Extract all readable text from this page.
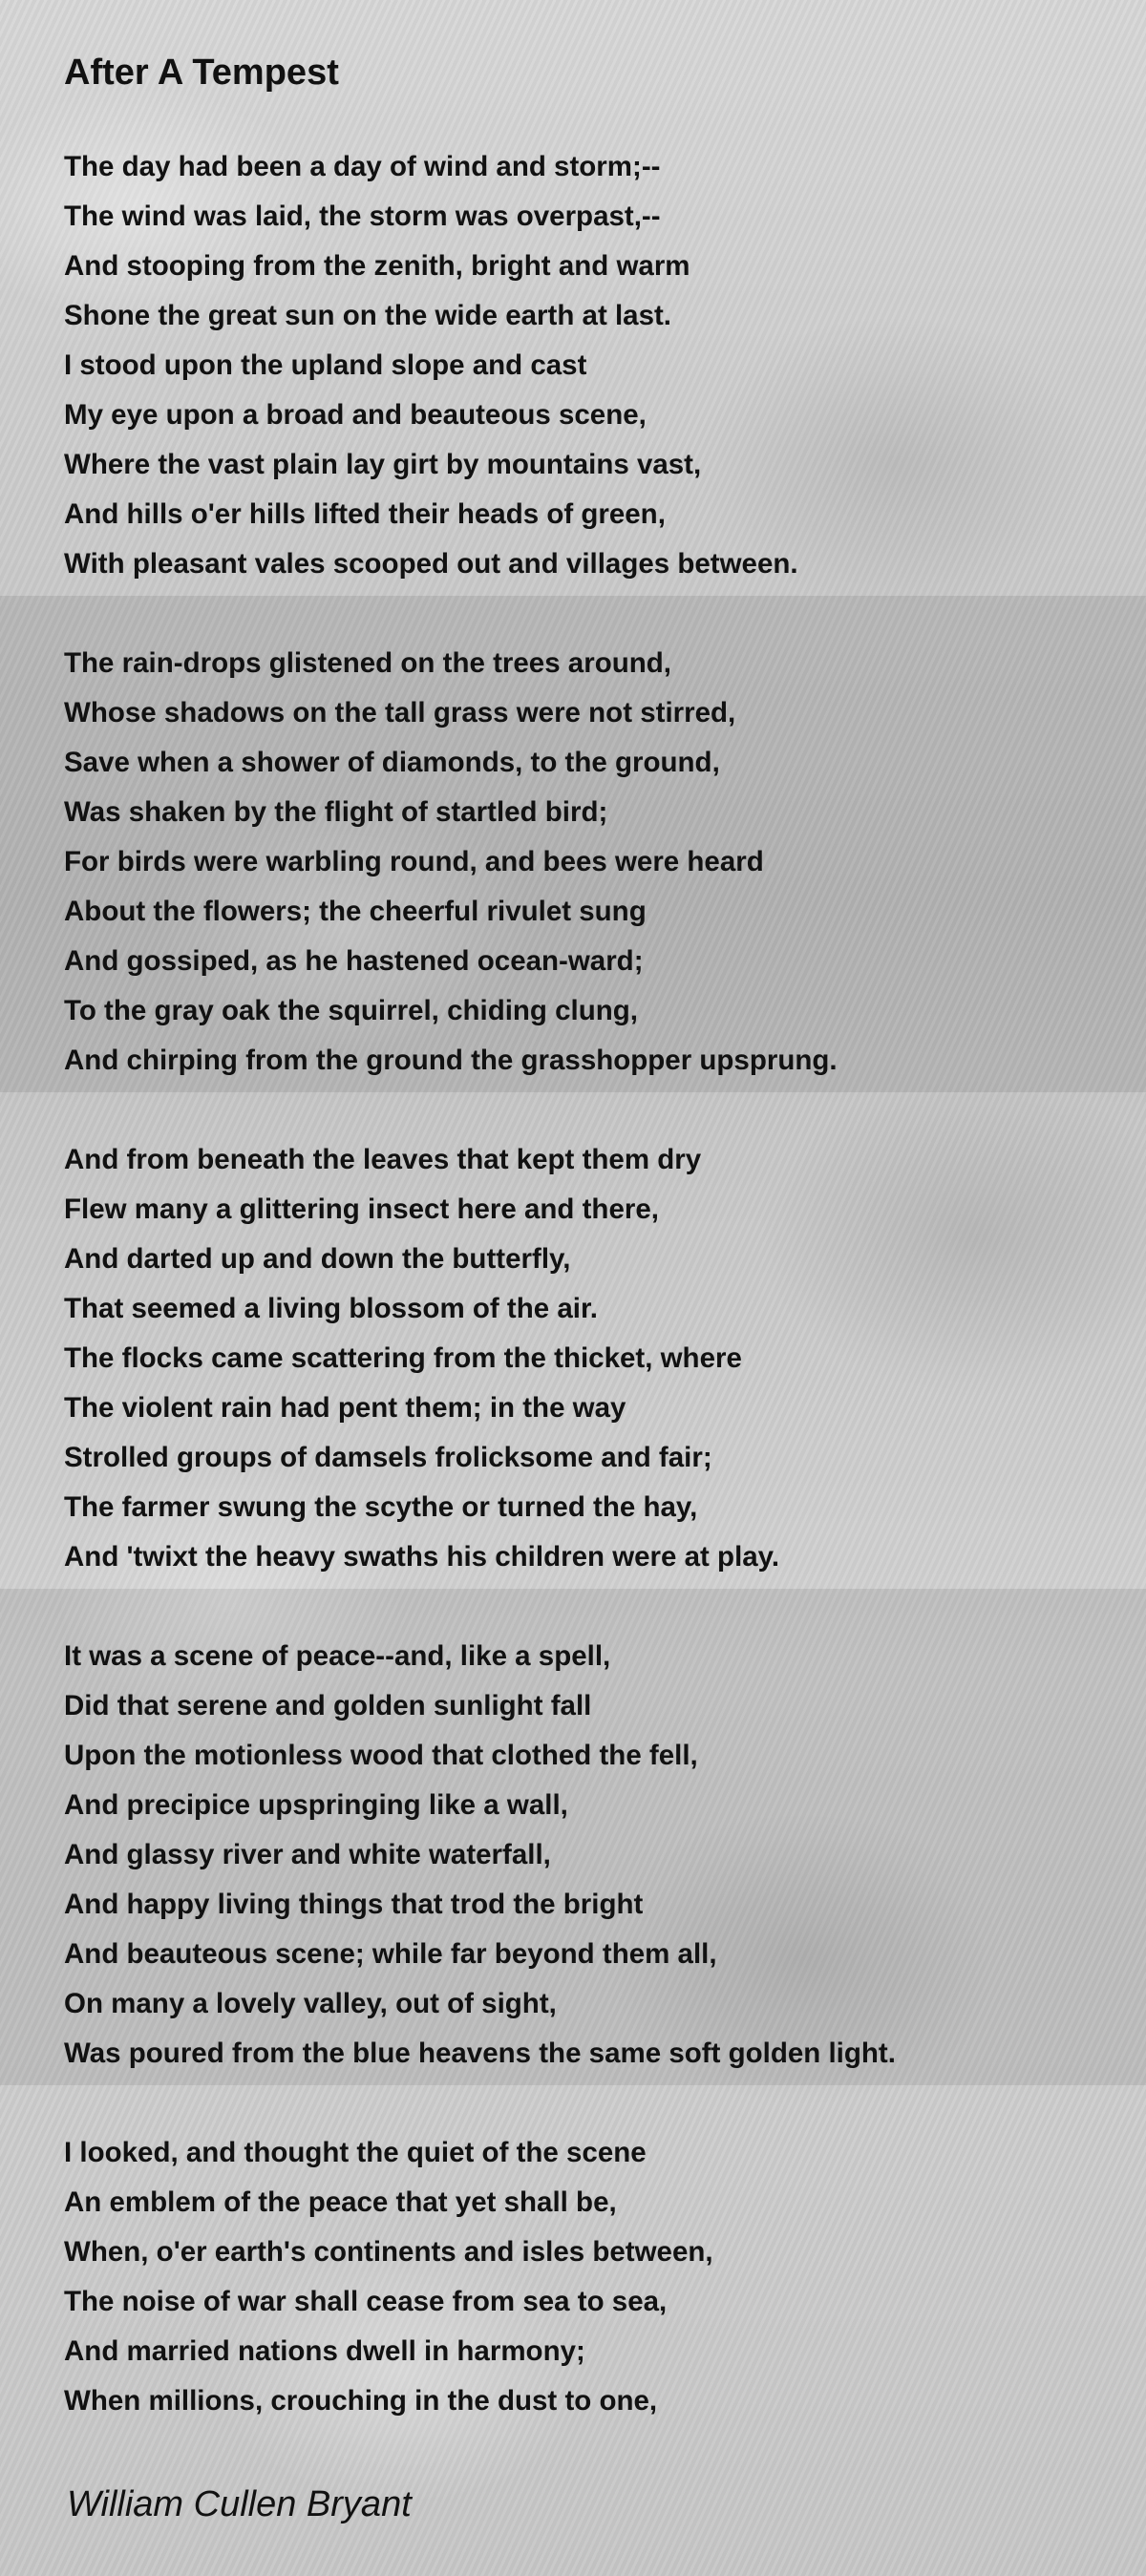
After A Tempest
The day had been a day of wind and storm;--
The wind was laid, the storm was overpast,--
And stooping from the zenith, bright and warm
Shone the great sun on the wide earth at last.
I stood upon the upland slope and cast
My eye upon a broad and beauteous scene,
Where the vast plain lay girt by mountains vast,
And hills o'er hills lifted their heads of green,
With pleasant vales scooped out and villages between.
The rain-drops glistened on the trees around,
Whose shadows on the tall grass were not stirred,
Save when a shower of diamonds, to the ground,
Was shaken by the flight of startled bird;
For birds were warbling round, and bees were heard
About the flowers; the cheerful rivulet sung
And gossiped, as he hastened ocean-ward;
To the gray oak the squirrel, chiding clung,
And chirping from the ground the grasshopper upsprung.
And from beneath the leaves that kept them dry
Flew many a glittering insect here and there,
And darted up and down the butterfly,
That seemed a living blossom of the air.
The flocks came scattering from the thicket, where
The violent rain had pent them; in the way
Strolled groups of damsels frolicksome and fair;
The farmer swung the scythe or turned the hay,
And 'twixt the heavy swaths his children were at play.
It was a scene of peace--and, like a spell,
Did that serene and golden sunlight fall
Upon the motionless wood that clothed the fell,
And precipice upspringing like a wall,
And glassy river and white waterfall,
And happy living things that trod the bright
And beauteous scene; while far beyond them all,
On many a lovely valley, out of sight,
Was poured from the blue heavens the same soft golden light.
I looked, and thought the quiet of the scene
An emblem of the peace that yet shall be,
When, o'er earth's continents and isles between,
The noise of war shall cease from sea to sea,
And married nations dwell in harmony;
When millions, crouching in the dust to one,

William Cullen Bryant
